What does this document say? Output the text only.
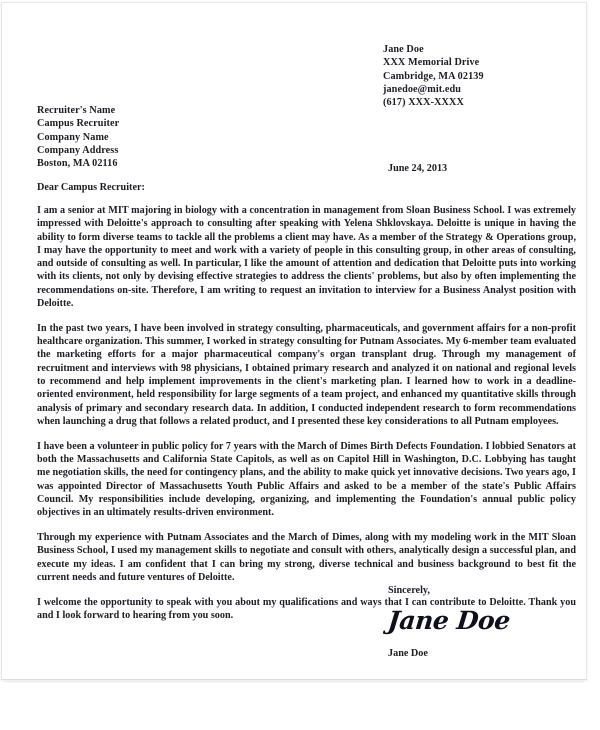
Jane Doe
XXX Memorial Drive
Cambridge, MA 02139
janedoe@mit.edu
(617) XXX-XXXX
Recruiter's Name
Campus Recruiter
Company Name
Company Address
Boston, MA 02116	June 24, 2013
Dear Campus Recruiter:

I am a senior at MIT majoring in biology with a concentration in management from Sloan Business School. I was extremely impressed with Deloitte's approach to consulting after speaking with Yelena Shklovskaya. Deloitte is unique in having the ability to form diverse teams to tackle all the problems a client may have. As a member of the Strategy & Operations group, I may have the opportunity to meet and work with a variety of people in this consulting group, in other areas of consulting, and outside of consulting as well. In particular, I like the amount of attention and dedication that Deloitte puts into working with its clients, not only by devising effective strategies to address the clients' problems, but also by often implementing the recommendations on-site. Therefore, I am writing to request an invitation to interview for a Business Analyst position with Deloitte.

In the past two years, I have been involved in strategy consulting, pharmaceuticals, and government affairs for a non-profit healthcare organization. This summer, I worked in strategy consulting for Putnam Associates. My 6-member team evaluated the marketing efforts for a major pharmaceutical company's organ transplant drug. Through my management of recruitment and interviews with 98 physicians, I obtained primary research and analyzed it on national and regional levels to recommend and help implement improvements in the client's marketing plan. I learned how to work in a deadline-oriented environment, held responsibility for large segments of a team project, and enhanced my quantitative skills through analysis of primary and secondary research data. In addition, I conducted independent research to form recommendations when launching a drug that follows a related product, and I presented these key considerations to all Putnam employees.

I have been a volunteer in public policy for 7 years with the March of Dimes Birth Defects Foundation. I lobbied Senators at both the Massachusetts and California State Capitols, as well as on Capitol Hill in Washington, D.C. Lobbying has taught me negotiation skills, the need for contingency plans, and the ability to make quick yet innovative decisions. Two years ago, I was appointed Director of Massachusetts Youth Public Affairs and asked to be a member of the state's Public Affairs Council. My responsibilities include developing, organizing, and implementing the Foundation's annual public policy objectives in an ultimately results-driven environment.

Through my experience with Putnam Associates and the March of Dimes, along with my modeling work in the MIT Sloan Business School, I used my management skills to negotiate and consult with others, analytically design a successful plan, and execute my ideas. I am confident that I can bring my strong, diverse technical and business background to best fit the current needs and future ventures of Deloitte.

I welcome the opportunity to speak with you about my qualifications and ways that I can contribute to Deloitte. Thank you and I look forward to hearing from you soon.

Sincerely,
Jane Doe
Jane Doe
